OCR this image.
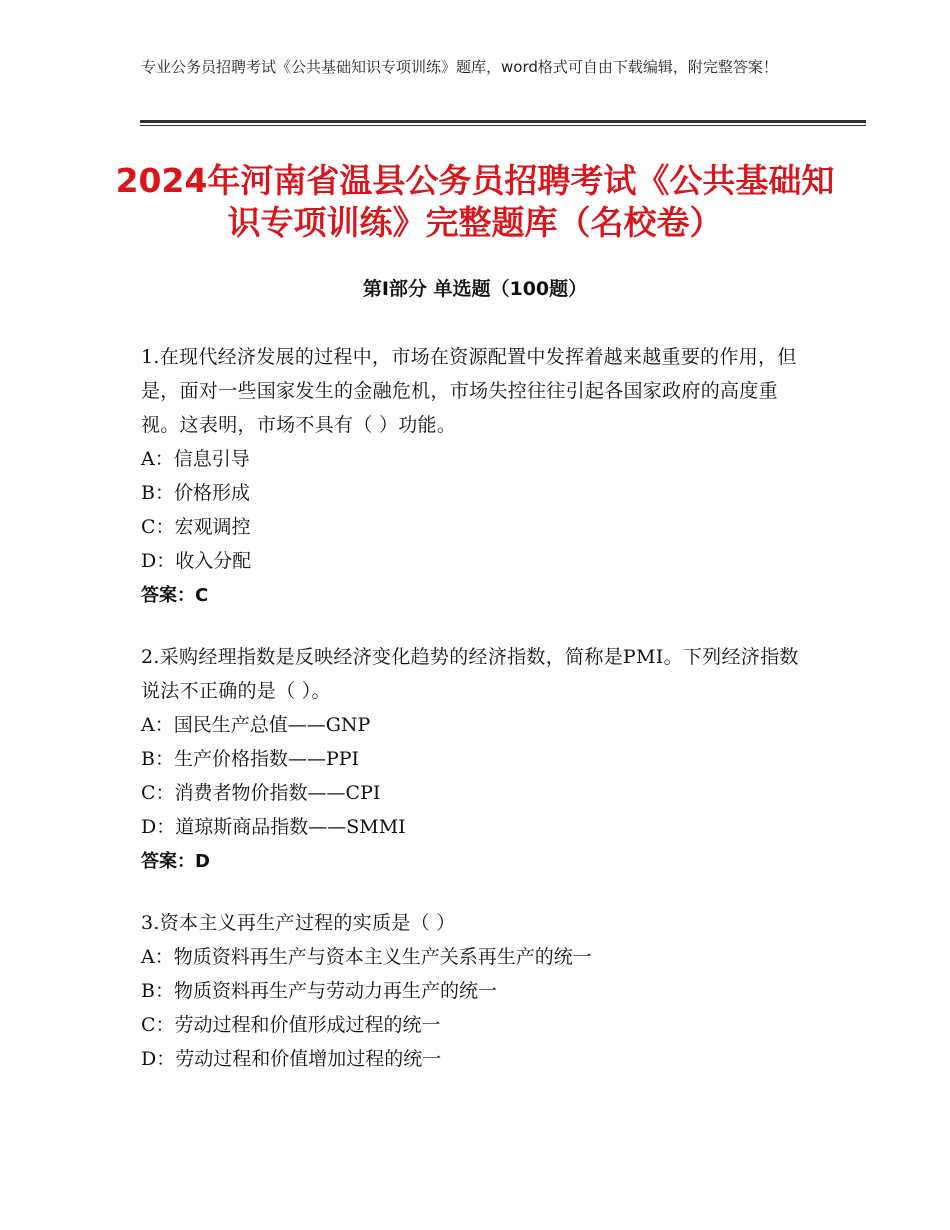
专业公务员招聘考试《公共基础知识专项训练》题库，word格式可自由下载编辑，附完整答案！
2024年河南省温县公务员招聘考试《公共基础知识专项训练》完整题库（名校卷）
第Ⅰ部分 单选题（100题）
1.在现代经济发展的过程中，市场在资源配置中发挥着越来越重要的作用，但是，面对一些国家发生的金融危机，市场失控往往引起各国家政府的高度重视。这表明，市场不具有（ ）功能。
A：信息引导
B：价格形成
C：宏观调控
D：收入分配
答案：C
2.采购经理指数是反映经济变化趋势的经济指数，简称是PMI。下列经济指数说法不正确的是（ ）。
A：国民生产总值——GNP
B：生产价格指数——PPI
C：消费者物价指数——CPI
D：道琼斯商品指数——SMMI
答案：D
3.资本主义再生产过程的实质是（ ）
A：物质资料再生产与资本主义生产关系再生产的统一
B：物质资料再生产与劳动力再生产的统一
C：劳动过程和价值形成过程的统一
D：劳动过程和价值增加过程的统一
